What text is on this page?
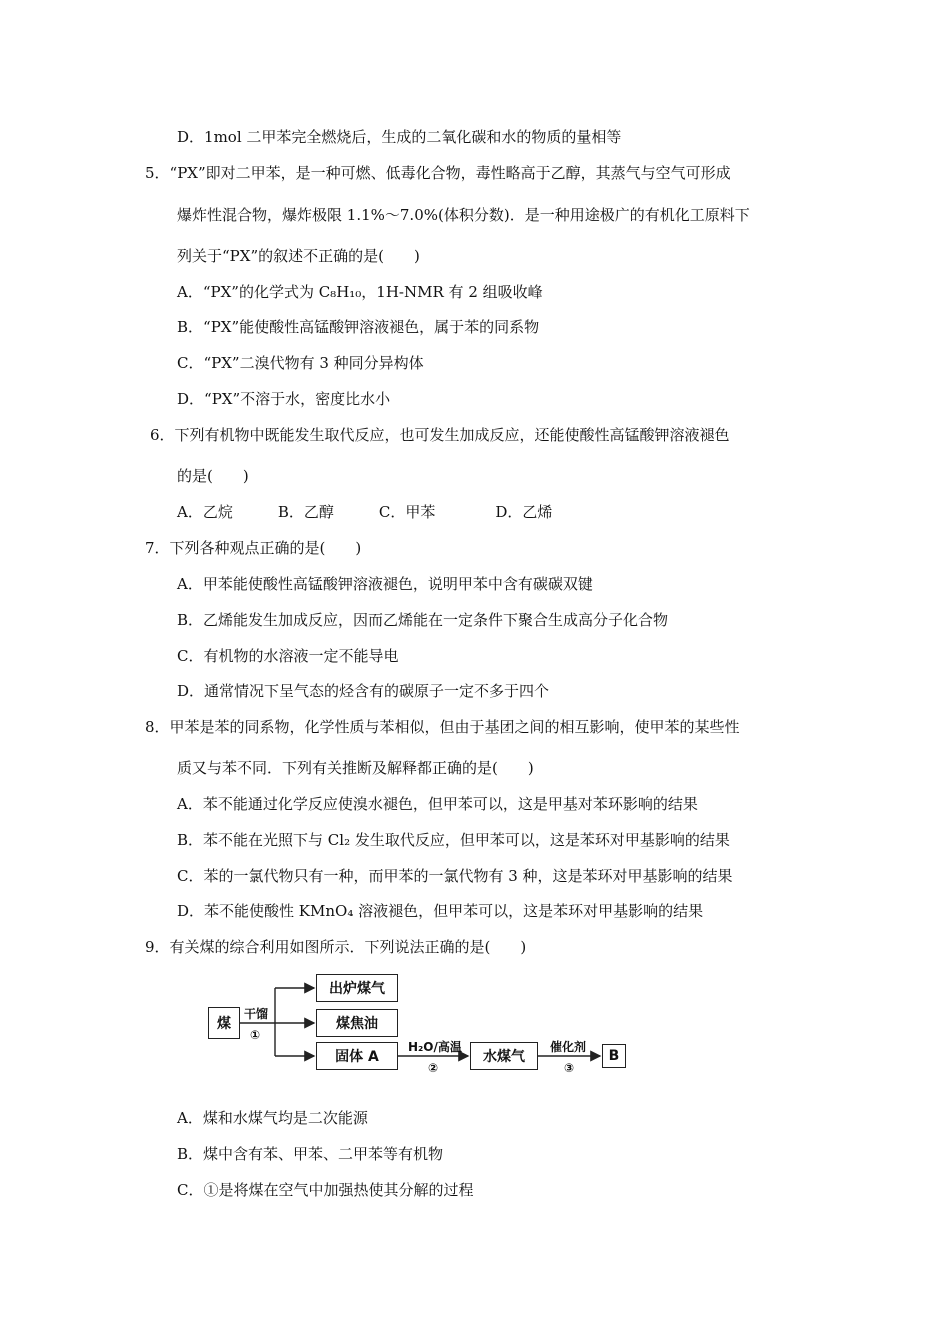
D．1mol 二甲苯完全燃烧后，生成的二氧化碳和水的物质的量相等
5．“PX”即对二甲苯，是一种可燃、低毒化合物，毒性略高于乙醇，其蒸气与空气可形成
爆炸性混合物，爆炸极限 1.1%～7.0%(体积分数)．是一种用途极广的有机化工原料下
列关于“PX”的叙述不正确的是(　　)
A．“PX”的化学式为 C₈H₁₀，1H-NMR 有 2 组吸收峰
B．“PX”能使酸性高锰酸钾溶液褪色，属于苯的同系物
C．“PX”二溴代物有 3 种同分异构体
D．“PX”不溶于水，密度比水小
6．下列有机物中既能发生取代反应，也可发生加成反应，还能使酸性高锰酸钾溶液褪色
的是(　　)
A．乙烷　　　B．乙醇　　　C．甲苯　　　　D．乙烯
7．下列各种观点正确的是(　　)
A．甲苯能使酸性高锰酸钾溶液褪色，说明甲苯中含有碳碳双键
B．乙烯能发生加成反应，因而乙烯能在一定条件下聚合生成高分子化合物
C．有机物的水溶液一定不能导电
D．通常情况下呈气态的烃含有的碳原子一定不多于四个
8．甲苯是苯的同系物，化学性质与苯相似，但由于基团之间的相互影响，使甲苯的某些性
质又与苯不同．下列有关推断及解释都正确的是(　　)
A．苯不能通过化学反应使溴水褪色，但甲苯可以，这是甲基对苯环影响的结果
B．苯不能在光照下与 Cl₂ 发生取代反应，但甲苯可以，这是苯环对甲基影响的结果
C．苯的一氯代物只有一种，而甲苯的一氯代物有 3 种，这是苯环对甲基影响的结果
D．苯不能使酸性 KMnO₄ 溶液褪色，但甲苯可以，这是苯环对甲基影响的结果
9．有关煤的综合利用如图所示．下列说法正确的是(　　)
A．煤和水煤气均是二次能源
B．煤中含有苯、甲苯、二甲苯等有机物
C．①是将煤在空气中加强热使其分解的过程
煤
干馏
①
出炉煤气
煤焦油
固体 A
H₂O/高温
②
水煤气
催化剂
③
B
